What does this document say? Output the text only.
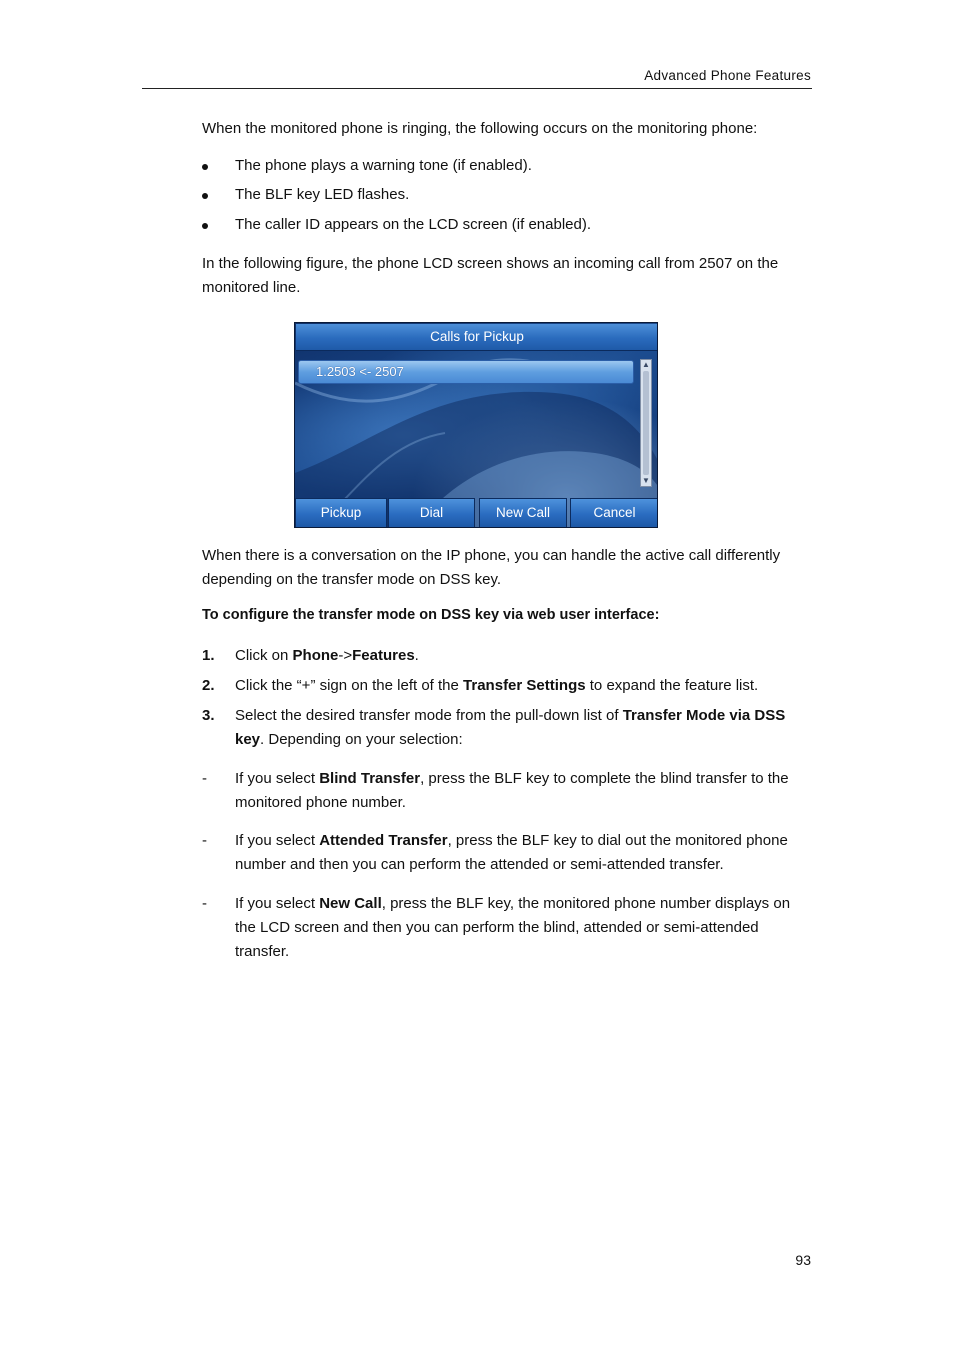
Advanced Phone Features
When the monitored phone is ringing, the following occurs on the monitoring phone:
The phone plays a warning tone (if enabled).
The BLF key LED flashes.
The caller ID appears on the LCD screen (if enabled).
In the following figure, the phone LCD screen shows an incoming call from 2507 on the
monitored line.
Calls for Pickup
1.2503 <- 2507	▲
▼
Pickup	Dial	New Call	Cancel
When there is a conversation on the IP phone, you can handle the active call differently
depending on the transfer mode on DSS key.
To configure the transfer mode on DSS key via web user interface:
1. Click on Phone->Features.
2. Click the “+” sign on the left of the Transfer Settings to expand the feature list.
3. Select the desired transfer mode from the pull-down list of Transfer Mode via DSS
key. Depending on your selection:
-	If you select Blind Transfer, press the BLF key to complete the blind transfer to the
monitored phone number.
-	If you select Attended Transfer, press the BLF key to dial out the monitored phone
number and then you can perform the attended or semi-attended transfer.
-	If you select New Call, press the BLF key, the monitored phone number displays on
the LCD screen and then you can perform the blind, attended or semi-attended
transfer.
93
